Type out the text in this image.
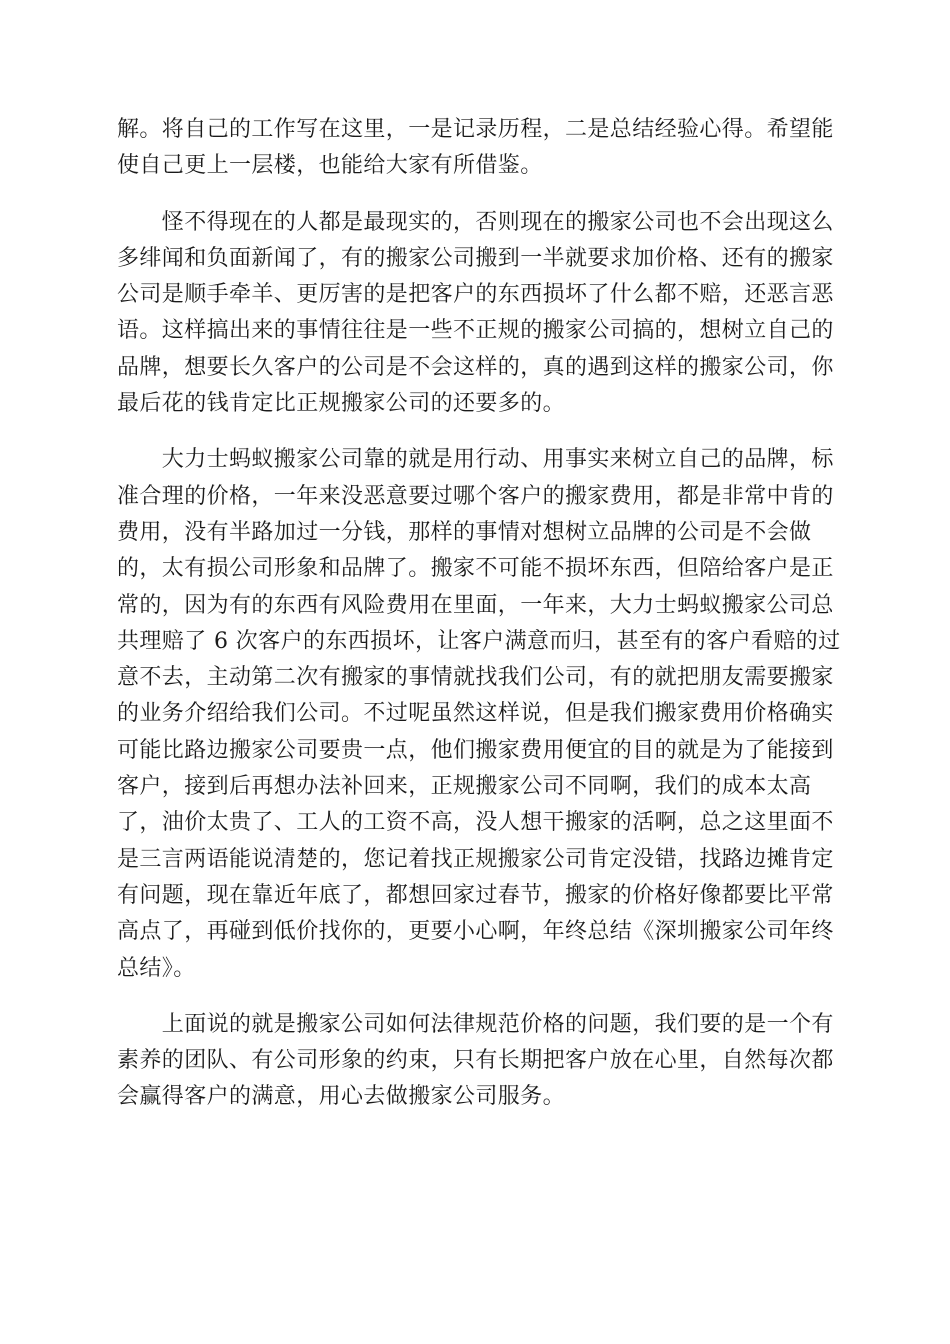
解。将自己的工作写在这里，一是记录历程，二是总结经验心得。希望能
使自己更上一层楼，也能给大家有所借鉴。
　　怪不得现在的人都是最现实的，否则现在的搬家公司也不会出现这么
多绯闻和负面新闻了，有的搬家公司搬到一半就要求加价格、还有的搬家
公司是顺手牵羊、更厉害的是把客户的东西损坏了什么都不赔，还恶言恶
语。这样搞出来的事情往往是一些不正规的搬家公司搞的，想树立自己的
品牌，想要长久客户的公司是不会这样的，真的遇到这样的搬家公司，你
最后花的钱肯定比正规搬家公司的还要多的。
　　大力士蚂蚁搬家公司靠的就是用行动、用事实来树立自己的品牌，标
准合理的价格，一年来没恶意要过哪个客户的搬家费用，都是非常中肯的
费用，没有半路加过一分钱，那样的事情对想树立品牌的公司是不会做
的，太有损公司形象和品牌了。搬家不可能不损坏东西，但陪给客户是正
常的，因为有的东西有风险费用在里面，一年来，大力士蚂蚁搬家公司总
共理赔了 6 次客户的东西损坏，让客户满意而归，甚至有的客户看赔的过
意不去，主动第二次有搬家的事情就找我们公司，有的就把朋友需要搬家
的业务介绍给我们公司。不过呢虽然这样说，但是我们搬家费用价格确实
可能比路边搬家公司要贵一点，他们搬家费用便宜的目的就是为了能接到
客户，接到后再想办法补回来，正规搬家公司不同啊，我们的成本太高
了，油价太贵了、工人的工资不高，没人想干搬家的活啊，总之这里面不
是三言两语能说清楚的，您记着找正规搬家公司肯定没错，找路边摊肯定
有问题，现在靠近年底了，都想回家过春节，搬家的价格好像都要比平常
高点了，再碰到低价找你的，更要小心啊，年终总结《深圳搬家公司年终
总结》。
　　上面说的就是搬家公司如何法律规范价格的问题，我们要的是一个有
素养的团队、有公司形象的约束，只有长期把客户放在心里，自然每次都
会赢得客户的满意，用心去做搬家公司服务。
